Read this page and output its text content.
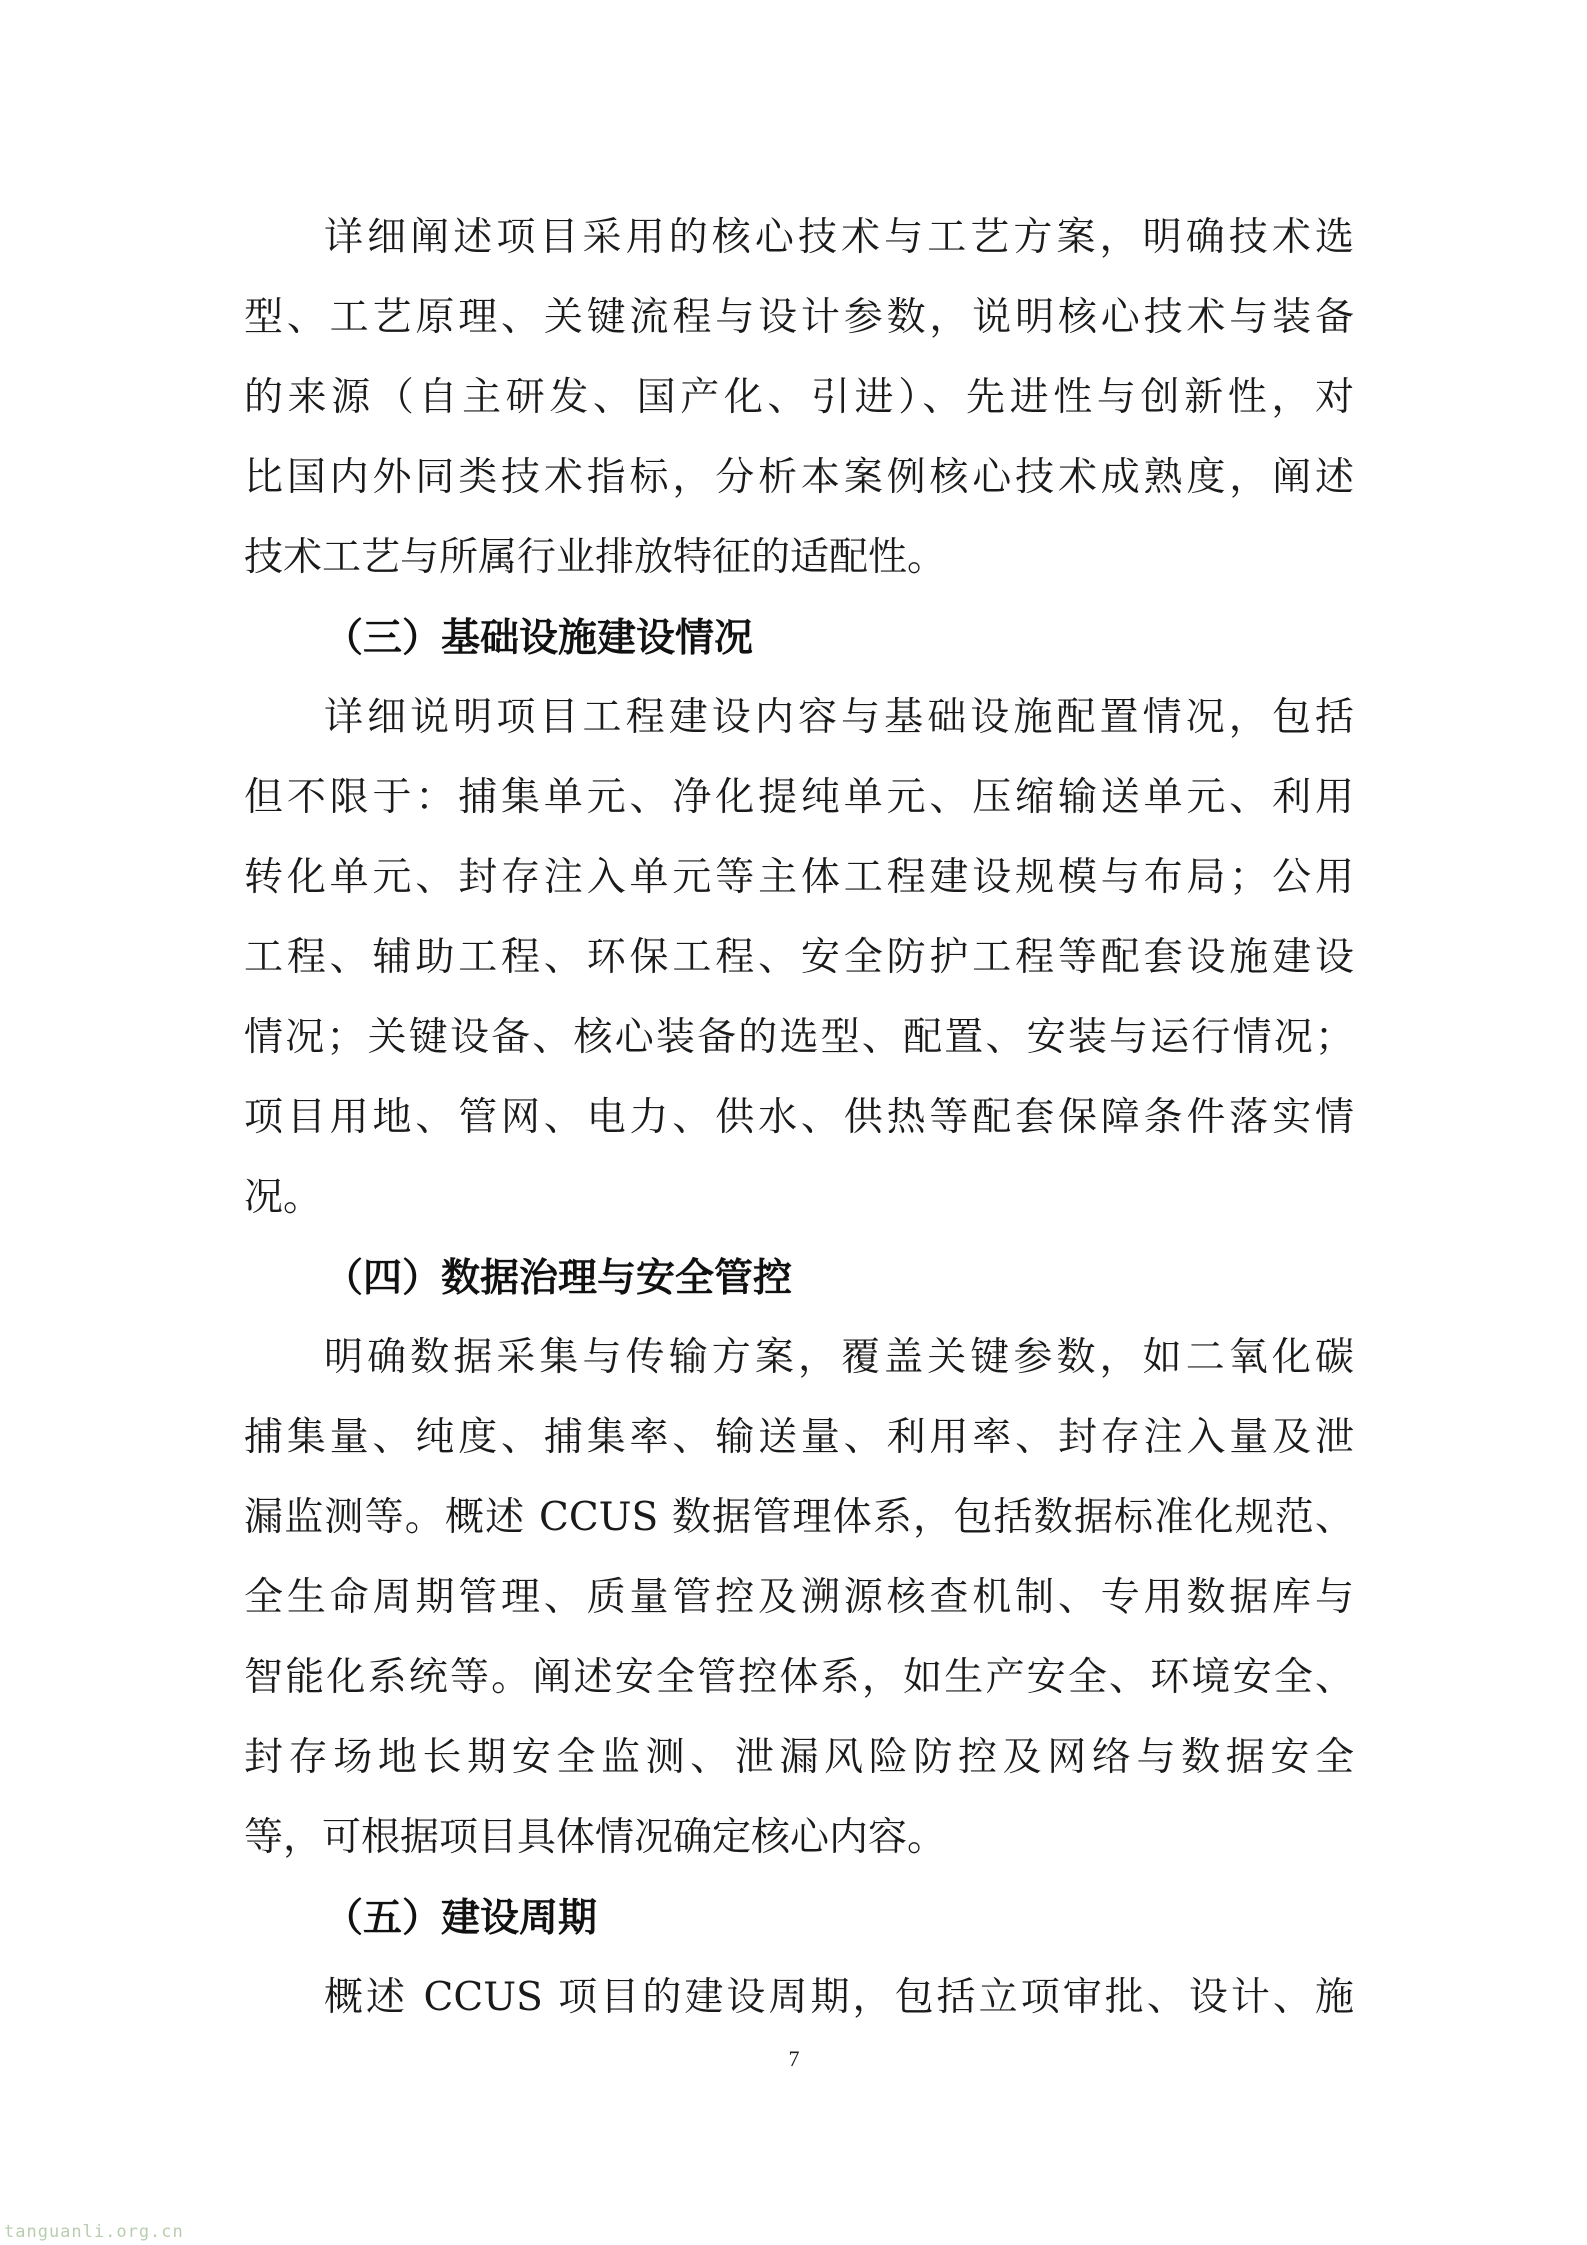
详细阐述项目采用的核心技术与工艺方案，明确技术选
型、工艺原理、关键流程与设计参数，说明核心技术与装备
的来源（自主研发、国产化、引进）、先进性与创新性，对
比国内外同类技术指标，分析本案例核心技术成熟度，阐述
技术工艺与所属行业排放特征的适配性。
（三）基础设施建设情况
详细说明项目工程建设内容与基础设施配置情况，包括
但不限于：捕集单元、净化提纯单元、压缩输送单元、利用
转化单元、封存注入单元等主体工程建设规模与布局；公用
工程、辅助工程、环保工程、安全防护工程等配套设施建设
情况；关键设备、核心装备的选型、配置、安装与运行情况；
项目用地、管网、电力、供水、供热等配套保障条件落实情
况。
（四）数据治理与安全管控
明确数据采集与传输方案，覆盖关键参数，如二氧化碳
捕集量、纯度、捕集率、输送量、利用率、封存注入量及泄
漏监测等。概述 CCUS 数据管理体系，包括数据标准化规范、
全生命周期管理、质量管控及溯源核查机制、专用数据库与
智能化系统等。阐述安全管控体系，如生产安全、环境安全、
封存场地长期安全监测、泄漏风险防控及网络与数据安全
等，可根据项目具体情况确定核心内容。
（五）建设周期
概述 CCUS 项目的建设周期，包括立项审批、设计、施
7
tanguanli.org.cn
